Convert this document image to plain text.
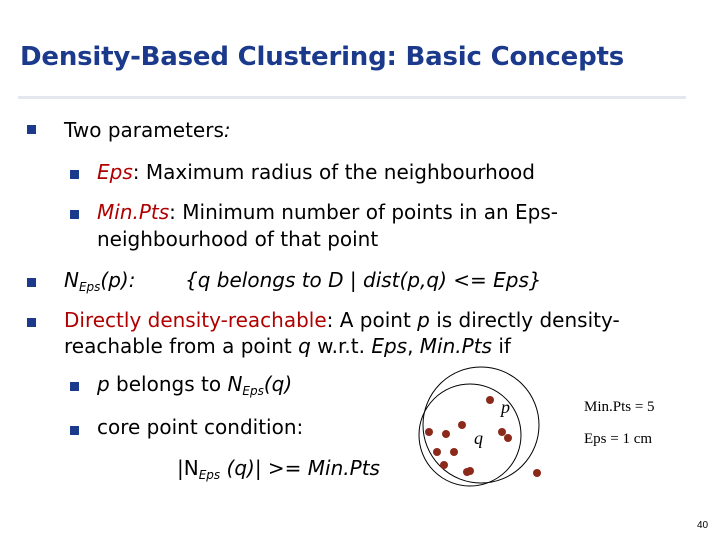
Density-Based Clustering: Basic Concepts
Two parameters:
Eps: Maximum radius of the neighbourhood
Min.Pts: Minimum number of points in an Eps-
neighbourhood of that point
$N_{Eps}(p)$: {q belongs to D | dist(p,q) <= Eps}
Directly density-reachable: A point p is directly density-
reachable from a point q w.r.t. Eps, Min.Pts if
p belongs to $N_{Eps}(q)$
core point condition:
$|N_{Eps}$ (q)| >= Min.Pts
p
q
Min.Pts = 5
Eps = 1 cm
40
